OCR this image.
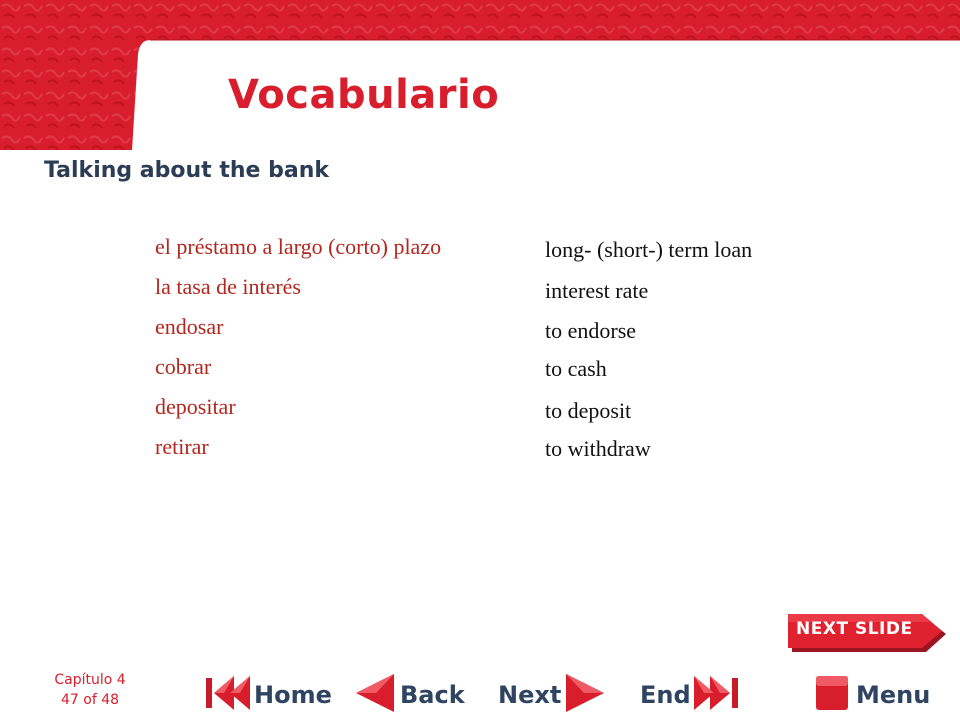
Vocabulario
Talking about the bank
el préstamo a largo (corto) plazo	long- (short-) term loan
la tasa de interés	interest rate
endosar	to endorse
cobrar	to cash
depositar	to deposit
retirar	to withdraw
NEXT SLIDE
Capítulo 4
47 of 48	Home	Back Next	End	Menu
